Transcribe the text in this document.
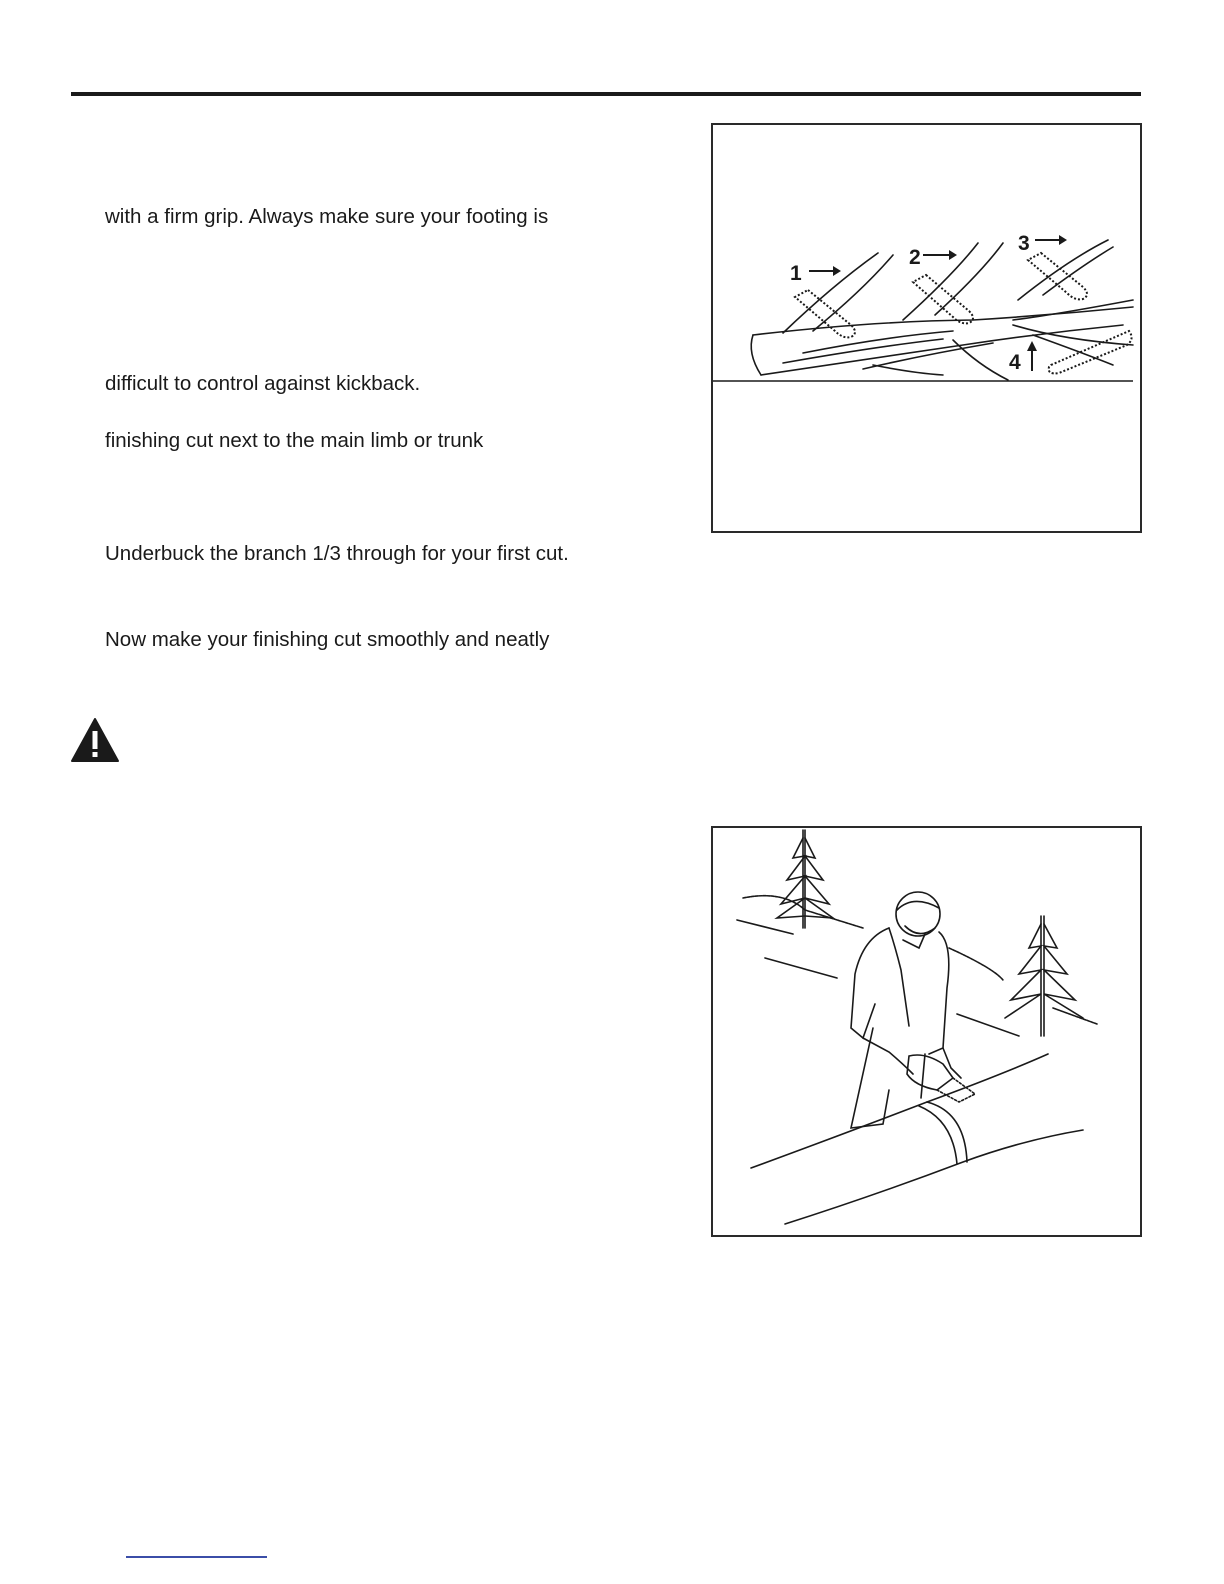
with a firm grip. Always make sure your footing is
difficult to control against kickback.
finishing cut next to the main limb or trunk
Underbuck the branch 1/3 through for your first cut.
Now make your finishing cut smoothly and neatly
1
2
3
4
